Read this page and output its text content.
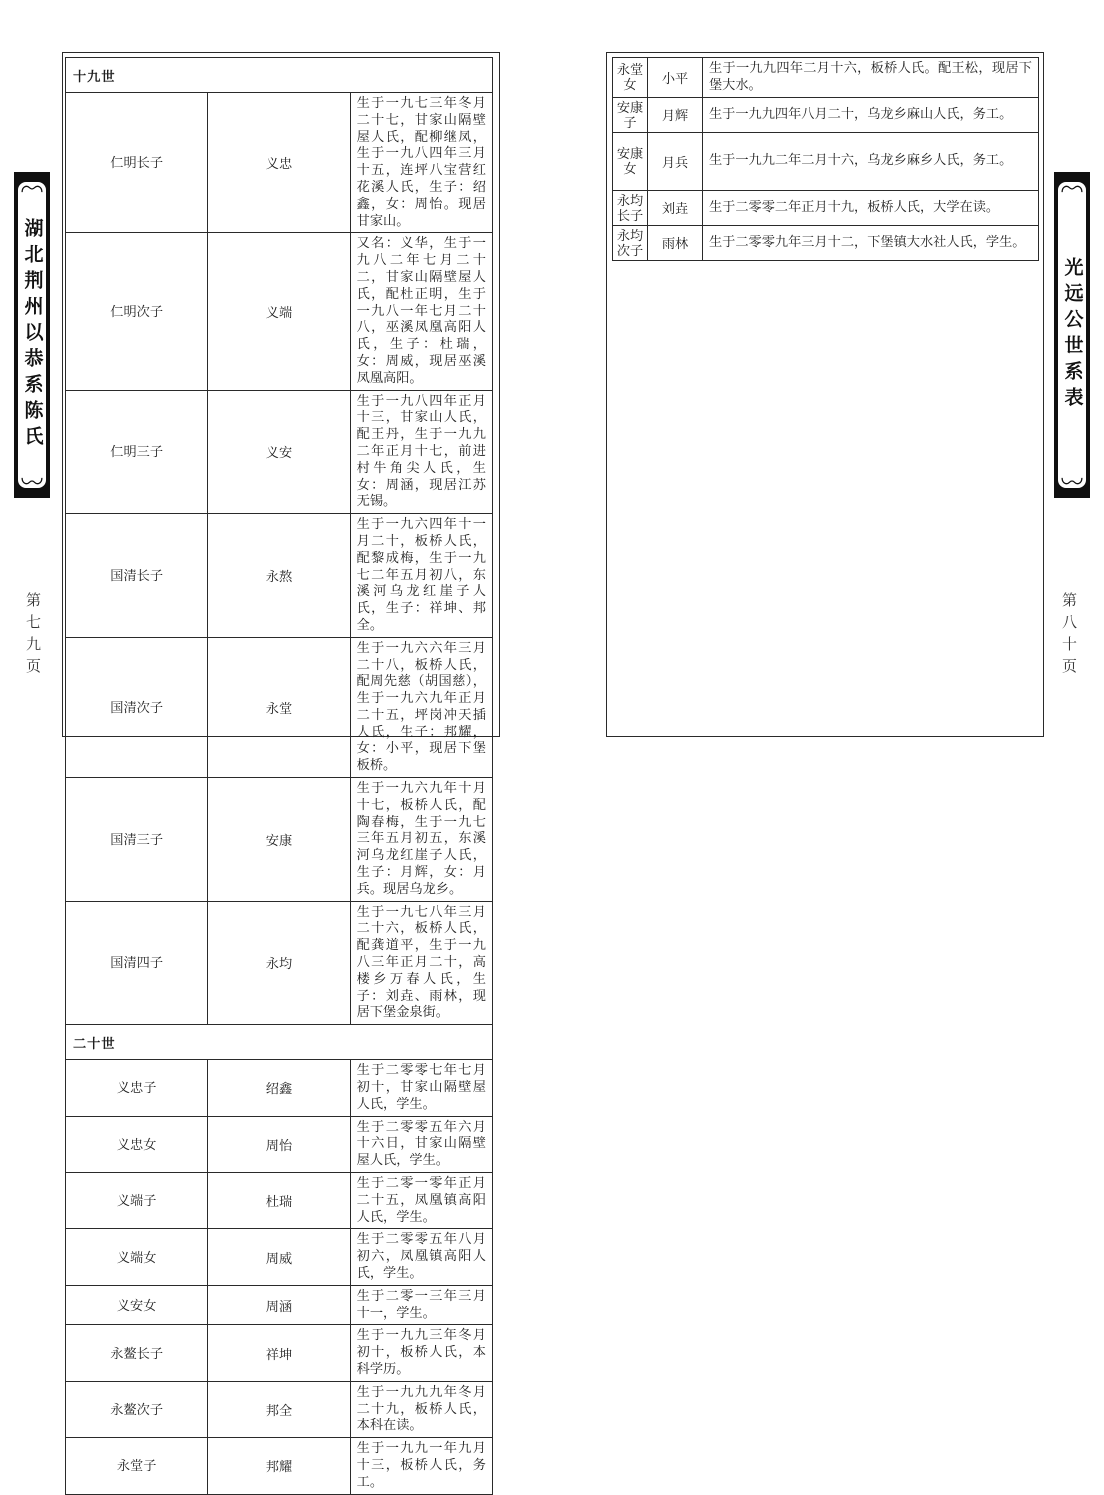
湖北荆州以恭系陈氏	光远公世系表
第七九页	第八十页
十九世		
仁明长子	义忠	生于一九七三年冬月二十七，甘家山隔壁屋人氏，配柳继凤，生于一九八四年三月十五，连坪八宝营红花溪人氏，生子：绍鑫，女：周怡。现居甘家山。
仁明次子	义端	又名：义华，生于一九八二年七月二十二，甘家山隔壁屋人氏，配杜正明，生于一九八一年七月二十八，巫溪凤凰高阳人氏，生子：杜瑞，女：周威，现居巫溪凤凰高阳。
仁明三子	义安	生于一九八四年正月十三，甘家山人氏，配王丹，生于一九九二年正月十七，前进村牛角尖人氏，生女：周涵，现居江苏无锡。
国清长子	永熬	生于一九六四年十一月二十，板桥人氏，配黎成梅，生于一九七二年五月初八，东溪河乌龙红崖子人氏，生子：祥坤、邦全。
国清次子	永堂	生于一九六六年三月二十八，板桥人氏，配周先慈（胡国慈），生于一九六九年正月二十五，坪岗冲天插人氏，生子：邦耀，女：小平，现居下堡板桥。
国清三子	安康	生于一九六九年十月十七，板桥人氏，配陶春梅，生于一九七三年五月初五，东溪河乌龙红崖子人氏，生子：月辉，女：月兵。现居乌龙乡。
国清四子	永均	生于一九七八年三月二十六，板桥人氏，配龚道平，生于一九八三年正月二十，高楼乡万春人氏，生子：刘垚、雨林，现居下堡金泉街。
二十世		
义忠子	绍鑫	生于二零零七年七月初十，甘家山隔壁屋人氏，学生。
义忠女	周怡	生于二零零五年六月十六日，甘家山隔壁屋人氏，学生。
义端子	杜瑞	生于二零一零年正月二十五，凤凰镇高阳人氏，学生。
义端女	周威	生于二零零五年八月初六，凤凰镇高阳人氏，学生。
义安女	周涵	生于二零一三年三月十一，学生。
永鳌长子	祥坤	生于一九九三年冬月初十，板桥人氏，本科学历。
永鳌次子	邦全	生于一九九九年冬月二十九，板桥人氏，本科在读。
永堂子	邦耀	生于一九九一年九月十三，板桥人氏，务工。
永堂女	小平	生于一九九四年二月十六，板桥人氏。配王松，现居下堡大水。
安康子	月辉	生于一九九四年八月二十，乌龙乡麻山人氏，务工。
安康女	月兵	生于一九九二年二月十六，乌龙乡麻乡人氏，务工。
永均长子	刘垚	生于二零零二年正月十九，板桥人氏，大学在读。
永均次子	雨林	生于二零零九年三月十二，下堡镇大水社人氏，学生。
